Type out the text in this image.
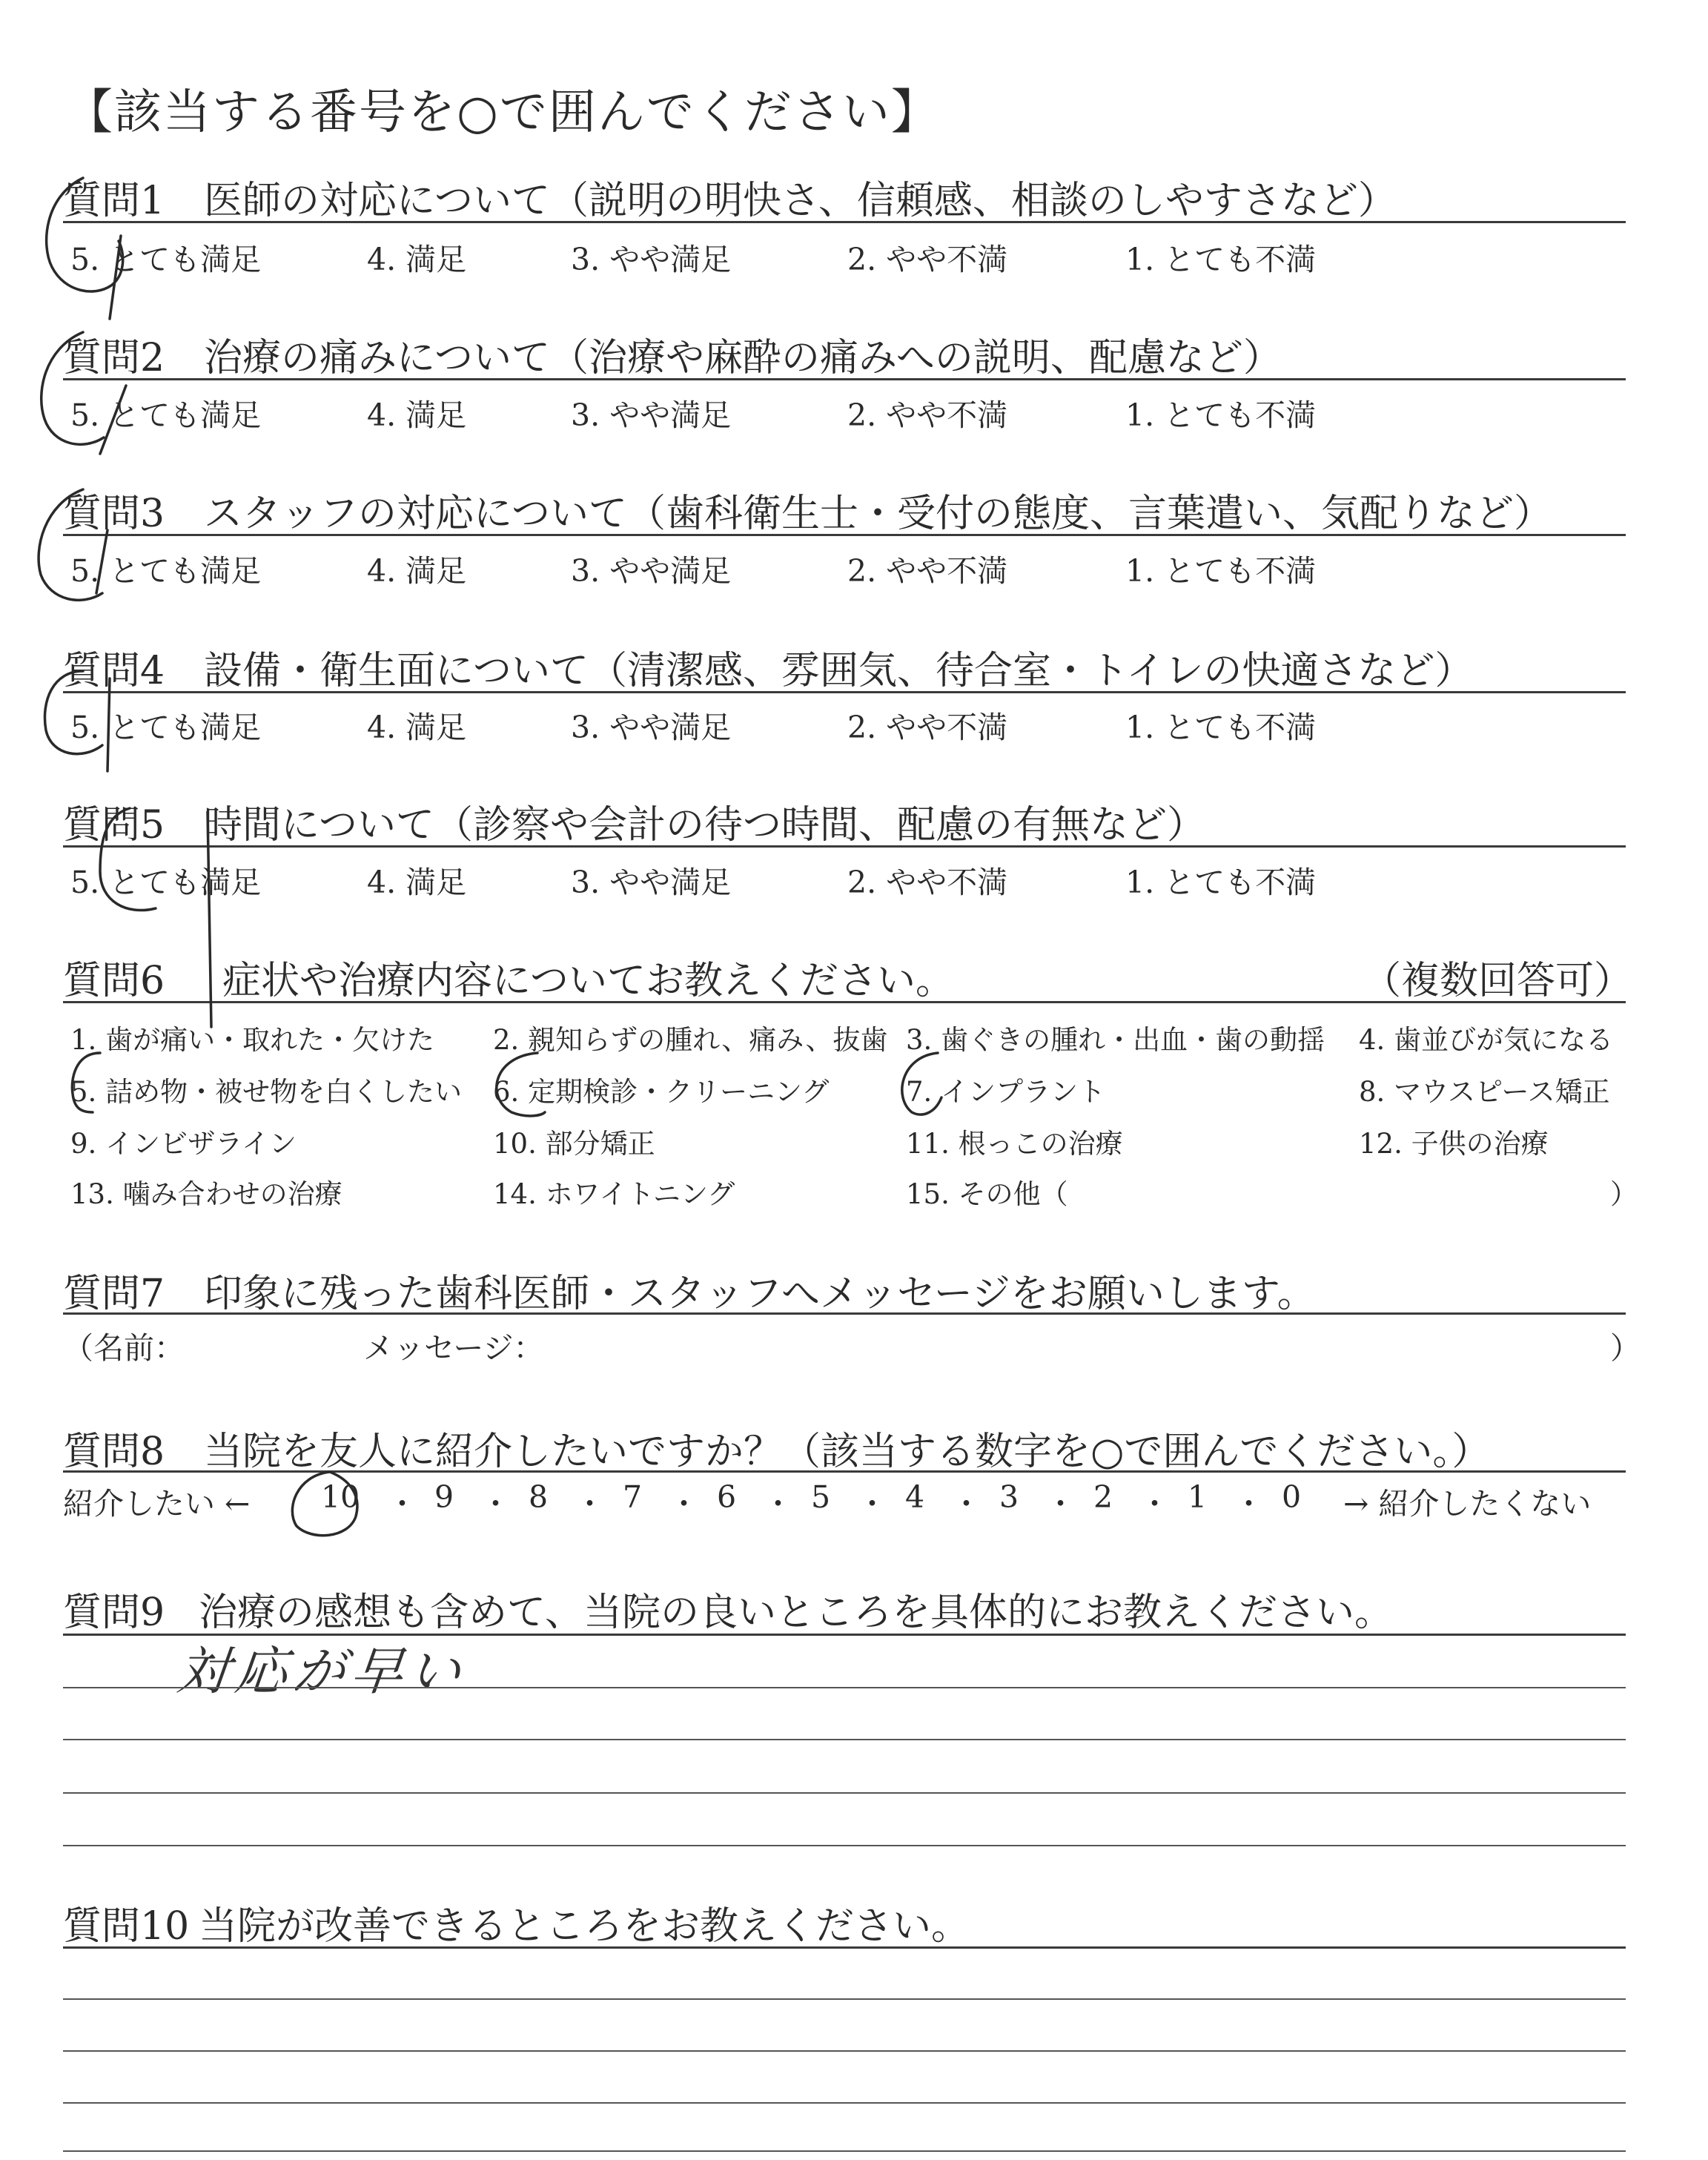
【該当する番号を○で囲んでください】
質問1 医師の対応について（説明の明快さ、信頼感、相談のしやすさなど）
5. とても満足	4. 満足	3. やや満足	2. やや不満	1. とても不満
質問2 治療の痛みについて（治療や麻酔の痛みへの説明、配慮など）
5. とても満足	4. 満足	3. やや満足	2. やや不満	1. とても不満
質問3 スタッフの対応について（歯科衛生士・受付の態度、言葉遣い、気配りなど）
5. とても満足	4. 満足	3. やや満足	2. やや不満	1. とても不満
質問4 設備・衛生面について（清潔感、雰囲気、待合室・トイレの快適さなど）
5. とても満足	4. 満足	3. やや満足	2. やや不満	1. とても不満
質問5 時間について（診察や会計の待つ時間、配慮の有無など）
5. とても満足	4. 満足	3. やや満足	2. やや不満	1. とても不満
質問6 症状や治療内容についてお教えください。	（複数回答可）
1. 歯が痛い・取れた・欠けた 2. 親知らずの腫れ、痛み、抜歯 3. 歯ぐきの腫れ・出血・歯の動揺 4. 歯並びが気になる
5. 詰め物・被せ物を白くしたい 6. 定期検診・クリーニング	7. インプラント	8. マウスピース矯正
9. インビザライン	10. 部分矯正	11. 根っこの治療	12. 子供の治療
13. 噛み合わせの治療	14. ホワイトニング	15. その他（	）
質問7 印象に残った歯科医師・スタッフへメッセージをお願いします。
（名前：	メッセージ：	）
質問8 当院を友人に紹介したいですか？（該当する数字を○で囲んでください。）
紹介したい ← 10 ・ 9 ・ 8 ・ 7 ・ 6 ・ 5 ・ 4 ・ 3 ・ 2 ・ 1 ・ 0 → 紹介したくない
質問9 治療の感想も含めて、当院の良いところを具体的にお教えください。
対応が早い
質問10 当院が改善できるところをお教えください。
